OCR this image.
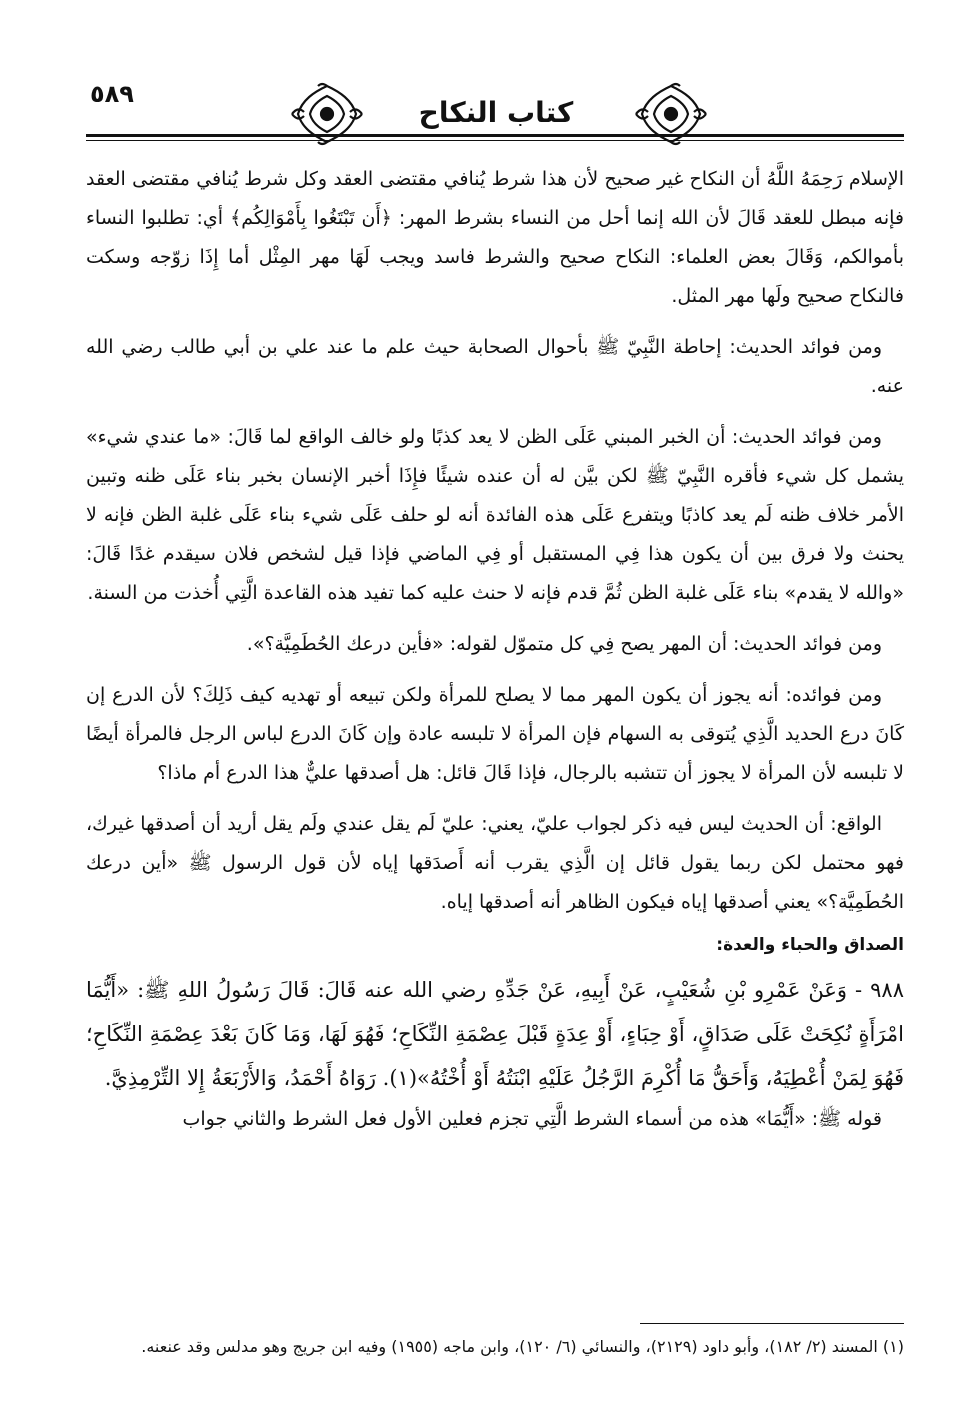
٥٨٩
كتاب النكاح

الإسلام رَحِمَهُ اللَّهُ أن النكاح غير صحيح لأن هذا شرط يُنافي مقتضى العقد وكل شرط يُنافي مقتضى العقد فإنه مبطل للعقد قَالَ لأن الله إنما أحل من النساء بشرط المهر: ﴿أَن تَبْتَغُوا بِأَمْوَالِكُم﴾ أي: تطلبوا النساء بأموالكم، وَقَالَ بعض العلماء: النكاح صحيح والشرط فاسد ويجب لَهَا مهر المِثْل أما إِذَا زوّجه وسكت فالنكاح صحيح ولَها مهر المثل.

ومن فوائد الحديث: إحاطة النَّبِيّ ﷺ بأحوال الصحابة حيث علم ما عند علي بن أبي طالب رضي الله عنه.

ومن فوائد الحديث: أن الخبر المبني عَلَى الظن لا يعد كذبًا ولو خالف الواقع لما قَالَ: «ما عندي شيء» يشمل كل شيء فأقره النَّبِيّ ﷺ لكن بيَّن له أن عنده شيئًا فإِذَا أخبر الإنسان بخبر بناء عَلَى ظنه وتبين الأمر خلاف ظنه لَم يعد كاذبًا ويتفرع عَلَى هذه الفائدة أنه لو حلف عَلَى شيء بناء عَلَى غلبة الظن فإنه لا يحنث ولا فرق بين أن يكون هذا فِي المستقبل أو فِي الماضي فإذا قيل لشخص فلان سيقدم غدًا قَالَ: «والله لا يقدم» بناء عَلَى غلبة الظن ثُمَّ قدم فإنه لا حنث عليه كما تفيد هذه القاعدة الَّتِي أُخذت من السنة.

ومن فوائد الحديث: أن المهر يصح فِي كل متموّل لقوله: «فأين درعك الحُطَمِيَّة؟».

ومن فوائده: أنه يجوز أن يكون المهر مما لا يصلح للمرأة ولكن تبيعه أو تهديه كيف ذَلِكَ؟ لأن الدرع إن كَانَ درع الحديد الَّذِي يُتوقى به السهام فإن المرأة لا تلبسه عادة وإن كَانَ الدرع لباس الرجل فالمرأة أيضًا لا تلبسه لأن المرأة لا يجوز أن تتشبه بالرجال، فإذا قَالَ قائل: هل أصدقها عليٌّ هذا الدرع أم ماذا؟

الواقع: أن الحديث ليس فيه ذكر لجواب عليّ، يعني: عليّ لَم يقل عندي ولَم يقل أريد أن أصدقها غيرك، فهو محتمل لكن ربما يقول قائل إن الَّذِي يقرب أنه أَصدَقها إياه لأن قول الرسول ﷺ «أين درعك الحُطَمِيَّة؟» يعني أصدقها إياه فيكون الظاهر أنه أصدقها إياه.

الصداق والحباء والعدة:

٩٨٨ - وَعَنْ عَمْرِو بْنِ شُعَيْبٍ، عَنْ أَبِيهِ، عَنْ جَدِّهِ رضي الله عنه قَالَ: قَالَ رَسُولُ اللهِ ﷺ: «أَيُّمَا امْرَأَةٍ نُكِحَتْ عَلَى صَدَاقٍ، أَوْ حِبَاءٍ، أَوْ عِدَةٍ قَبْلَ عِصْمَةِ النِّكَاحِ؛ فَهُوَ لَهَا، وَمَا كَانَ بَعْدَ عِصْمَةِ النِّكَاحِ؛ فَهُوَ لِمَنْ أُعْطِيَهُ، وَأَحَقُّ مَا أُكْرِمَ الرَّجُلُ عَلَيْهِ ابْنَتُهُ أَوْ أُخْتُهُ»(١). رَوَاهُ أَحْمَدُ، وَالأَرْبَعَةُ إِلا التِّرْمِذِيَّ.

قوله ﷺ: «أَيُّمَا» هذه من أسماء الشرط الَّتِي تجزم فعلين الأول فعل الشرط والثاني جواب

(١) المسند (٢/ ١٨٢)، وأبو داود (٢١٢٩)، والنسائي (٦/ ١٢٠)، وابن ماجه (١٩٥٥) وفيه ابن جريج وهو مدلس وقد عنعنه.
